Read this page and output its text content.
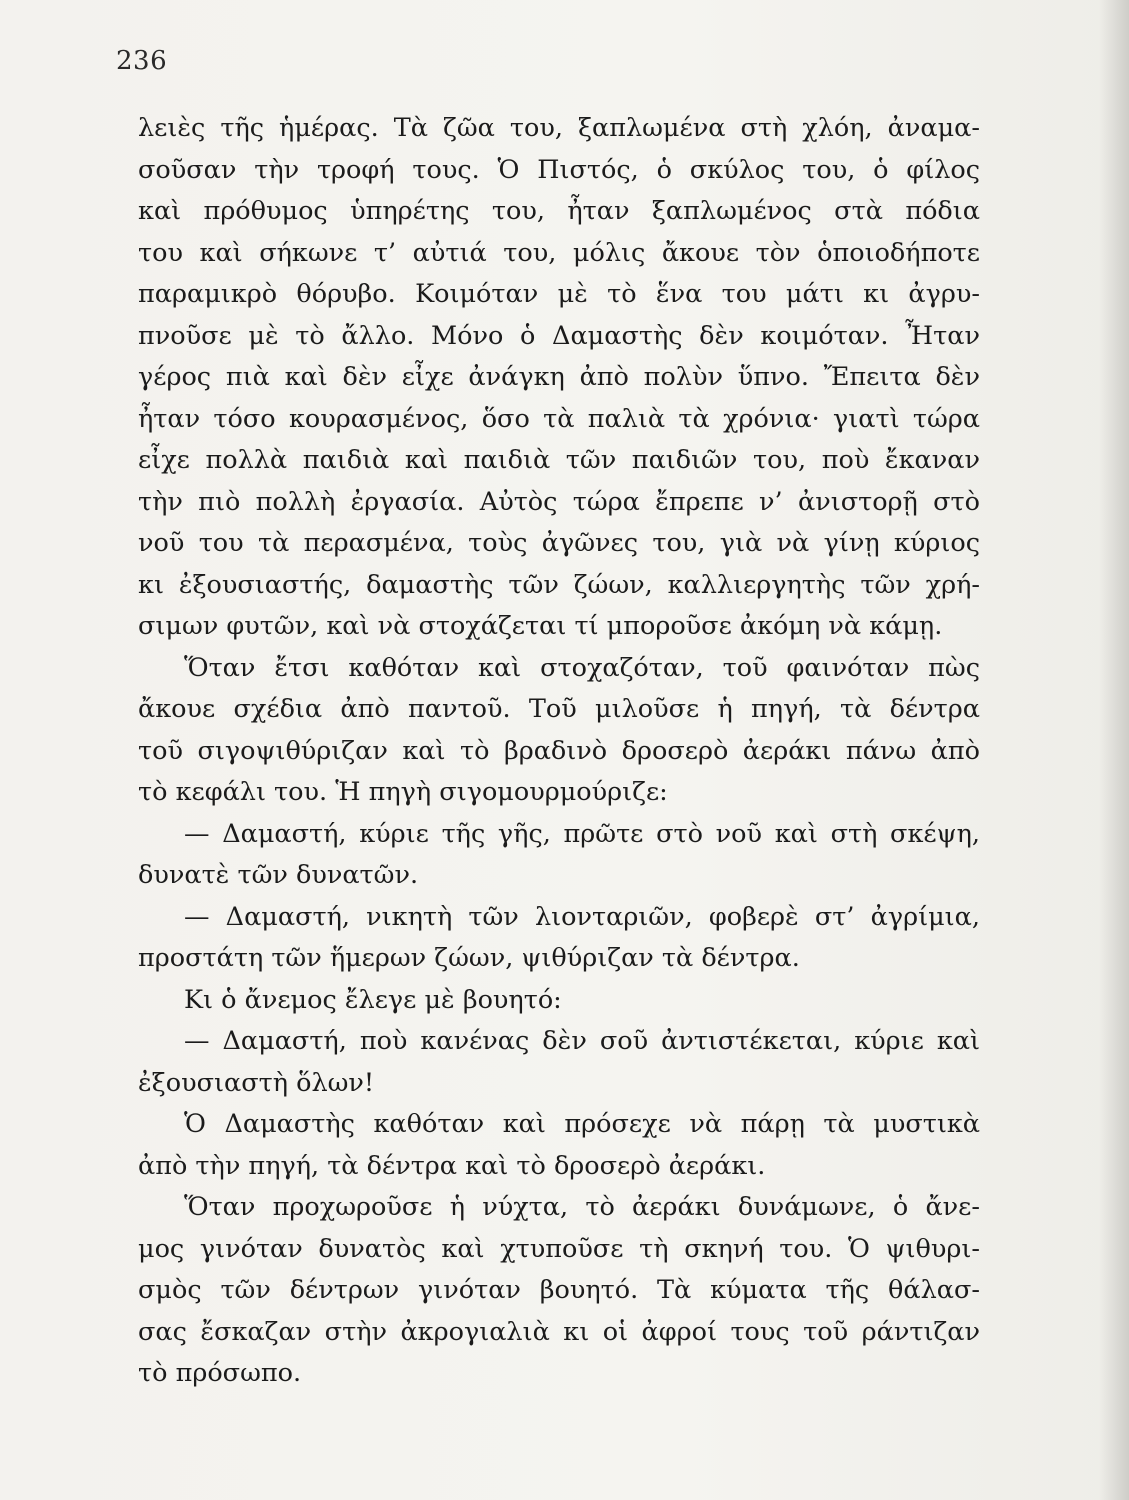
236
λειὲς τῆς ἡμέρας. Τὰ ζῶα του, ξαπλωμένα στὴ χλόη, ἀναμα-
σοῦσαν τὴν τροφή τους. Ὁ Πιστός, ὁ σκύλος του, ὁ φίλος
καὶ πρόθυμος ὑπηρέτης του, ἦταν ξαπλωμένος στὰ πόδια
του καὶ σήκωνε τ’ αὐτιά του, μόλις ἄκουε τὸν ὁποιοδήποτε
παραμικρὸ θόρυβο. Κοιμόταν μὲ τὸ ἕνα του μάτι κι ἀγρυ-
πνοῦσε μὲ τὸ ἄλλο. Μόνο ὁ Δαμαστὴς δὲν κοιμόταν. Ἦταν
γέρος πιὰ καὶ δὲν εἶχε ἀνάγκη ἀπὸ πολὺν ὕπνο. Ἔπειτα δὲν
ἦταν τόσο κουρασμένος, ὅσο τὰ παλιὰ τὰ χρόνια· γιατὶ τώρα
εἶχε πολλὰ παιδιὰ καὶ παιδιὰ τῶν παιδιῶν του, ποὺ ἔκαναν
τὴν πιὸ πολλὴ ἐργασία. Αὐτὸς τώρα ἔπρεπε ν’ ἀνιστορῇ στὸ
νοῦ του τὰ περασμένα, τοὺς ἀγῶνες του, γιὰ νὰ γίνῃ κύριος
κι ἐξουσιαστής, δαμαστὴς τῶν ζώων, καλλιεργητὴς τῶν χρή-
σιμων φυτῶν, καὶ νὰ στοχάζεται τί μποροῦσε ἀκόμη νὰ κάμῃ.
Ὅταν ἔτσι καθόταν καὶ στοχαζόταν, τοῦ φαινόταν πὼς
ἄκουε σχέδια ἀπὸ παντοῦ. Τοῦ μιλοῦσε ἡ πηγή, τὰ δέντρα
τοῦ σιγοψιθύριζαν καὶ τὸ βραδινὸ δροσερὸ ἀεράκι πάνω ἀπὸ
τὸ κεφάλι του. Ἡ πηγὴ σιγομουρμούριζε:
— Δαμαστή, κύριε τῆς γῆς, πρῶτε στὸ νοῦ καὶ στὴ σκέψη,
δυνατὲ τῶν δυνατῶν.
— Δαμαστή, νικητὴ τῶν λιονταριῶν, φοβερὲ στ’ ἀγρίμια,
προστάτη τῶν ἥμερων ζώων, ψιθύριζαν τὰ δέντρα.
Κι ὁ ἄνεμος ἔλεγε μὲ βουητό:
— Δαμαστή, ποὺ κανένας δὲν σοῦ ἀντιστέκεται, κύριε καὶ
ἐξουσιαστὴ ὅλων!
Ὁ Δαμαστὴς καθόταν καὶ πρόσεχε νὰ πάρῃ τὰ μυστικὰ
ἀπὸ τὴν πηγή, τὰ δέντρα καὶ τὸ δροσερὸ ἀεράκι.
Ὅταν προχωροῦσε ἡ νύχτα, τὸ ἀεράκι δυνάμωνε, ὁ ἄνε-
μος γινόταν δυνατὸς καὶ χτυποῦσε τὴ σκηνή του. Ὁ ψιθυρι-
σμὸς τῶν δέντρων γινόταν βουητό. Τὰ κύματα τῆς θάλασ-
σας ἔσκαζαν στὴν ἀκρογιαλιὰ κι οἱ ἀφροί τους τοῦ ράντιζαν
τὸ πρόσωπο.
